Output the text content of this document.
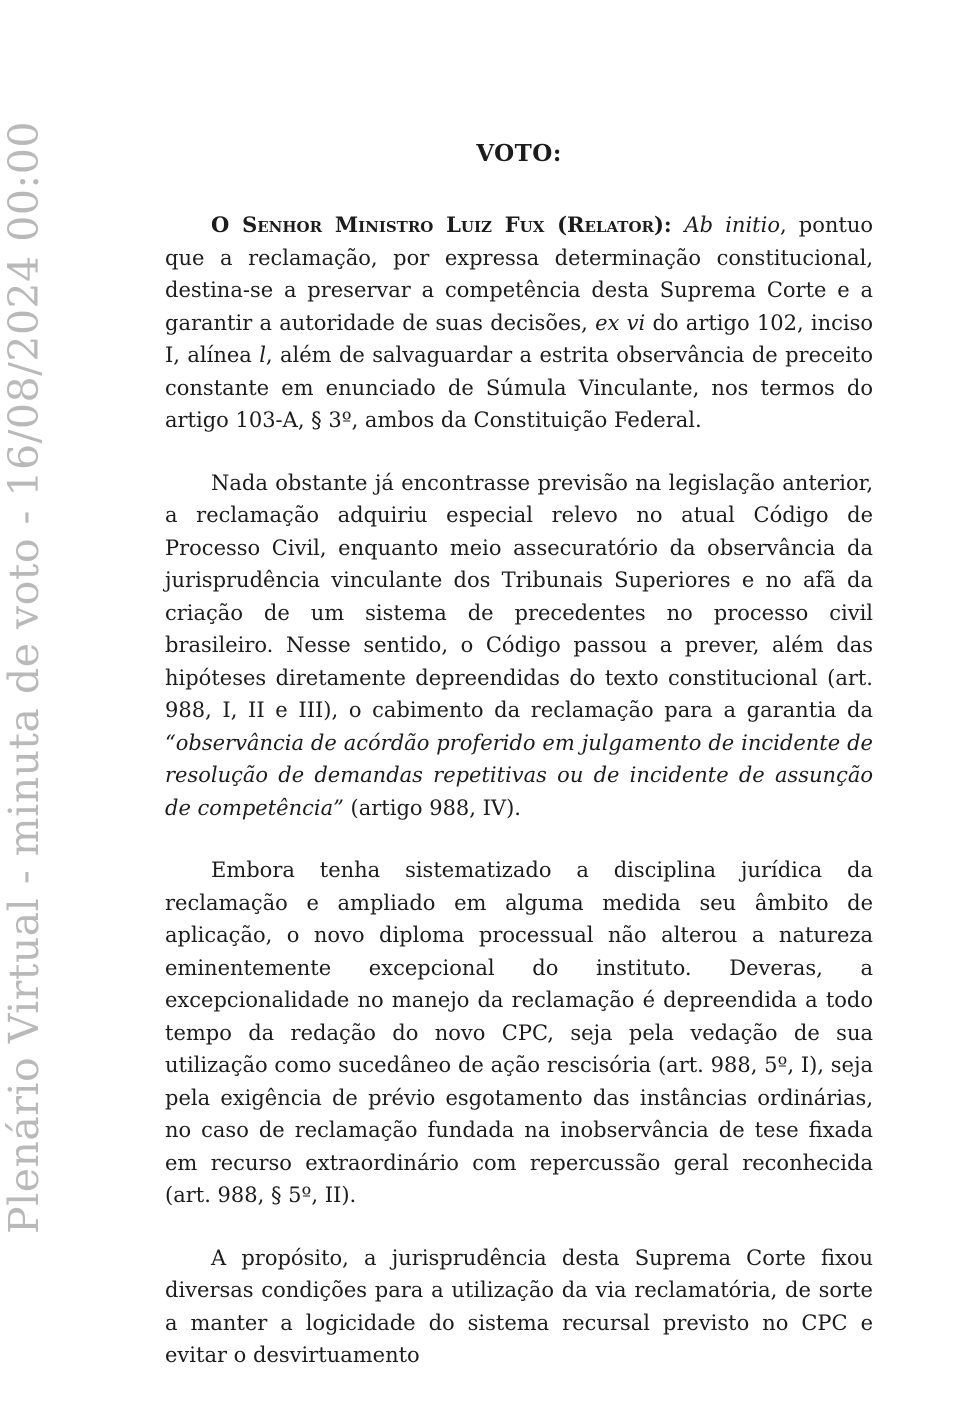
Plenário Virtual - minuta de voto - 16/08/2024 00:00	VOTO:

O Senhor Ministro Luiz Fux (Relator): Ab initio, pontuo que a reclamação, por expressa determinação constitucional, destina-se a preservar a competência desta Suprema Corte e a garantir a autoridade de suas decisões, ex vi do artigo 102, inciso I, alínea l, além de salvaguardar a estrita observância de preceito constante em enunciado de Súmula Vinculante, nos termos do artigo 103-A, § 3º, ambos da Constituição Federal.

Nada obstante já encontrasse previsão na legislação anterior, a reclamação adquiriu especial relevo no atual Código de Processo Civil, enquanto meio assecuratório da observância da jurisprudência vinculante dos Tribunais Superiores e no afã da criação de um sistema de precedentes no processo civil brasileiro. Nesse sentido, o Código passou a prever, além das hipóteses diretamente depreendidas do texto constitucional (art. 988, I, II e III), o cabimento da reclamação para a garantia da “observância de acórdão proferido em julgamento de incidente de resolução de demandas repetitivas ou de incidente de assunção de competência” (artigo 988, IV).

Embora tenha sistematizado a disciplina jurídica da reclamação e ampliado em alguma medida seu âmbito de aplicação, o novo diploma processual não alterou a natureza eminentemente excepcional do instituto. Deveras, a excepcionalidade no manejo da reclamação é depreendida a todo tempo da redação do novo CPC, seja pela vedação de sua utilização como sucedâneo de ação rescisória (art. 988, 5º, I), seja pela exigência de prévio esgotamento das instâncias ordinárias, no caso de reclamação fundada na inobservância de tese fixada em recurso extraordinário com repercussão geral reconhecida (art. 988, § 5º, II).

A propósito, a jurisprudência desta Suprema Corte fixou diversas condições para a utilização da via reclamatória, de sorte a manter a logicidade do sistema recursal previsto no CPC e evitar o desvirtuamento
